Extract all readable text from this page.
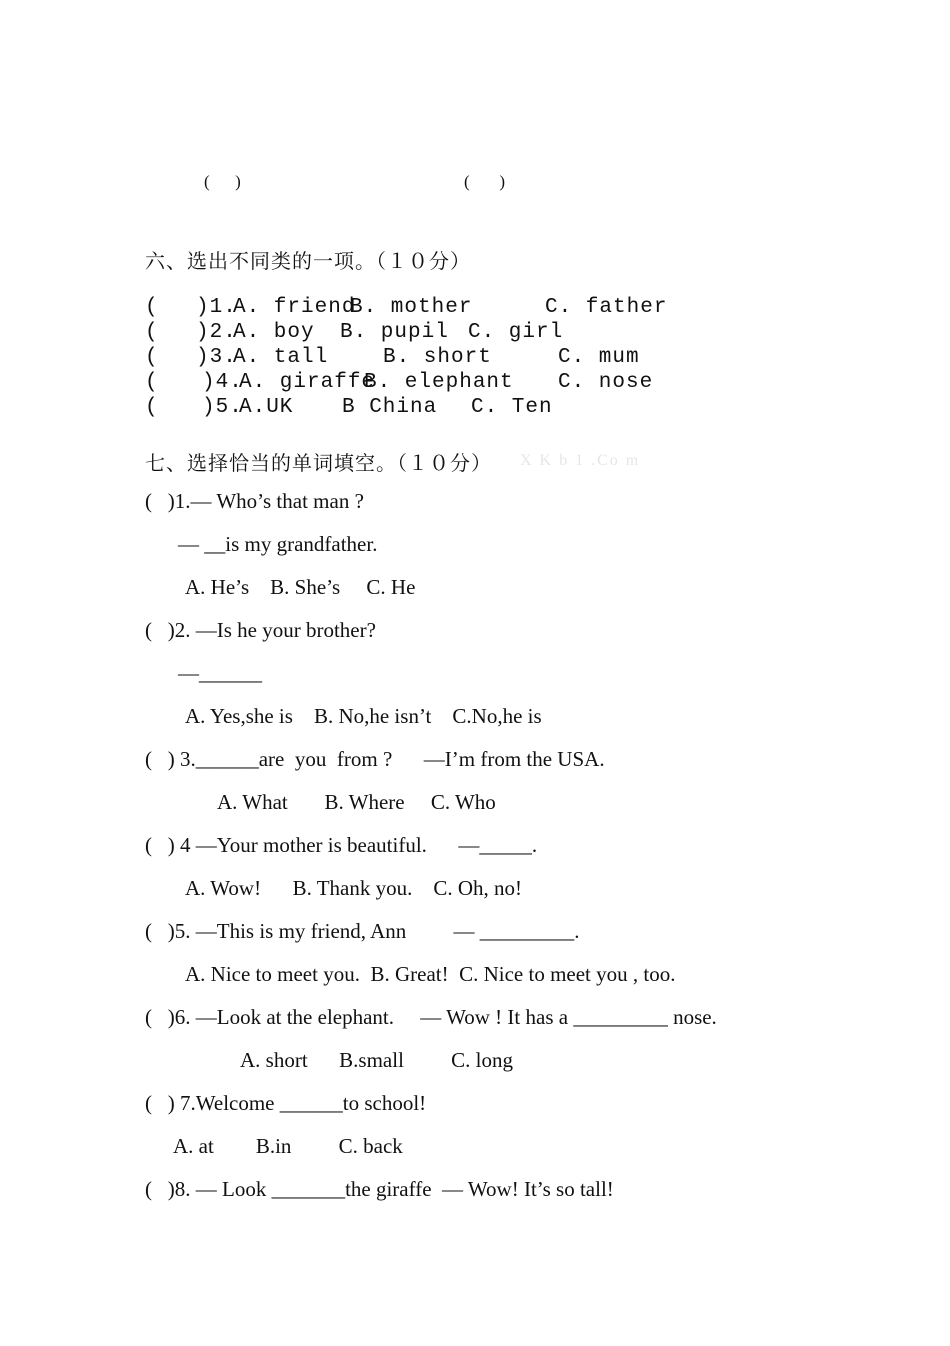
(      )	(       )
六、选出不同类的一项。（１０分）
( )1.
A. friend
B. mother	C. father
( )2.
A. boy B. pupil C. girl
( )3.
A. tall	B. short	C. mum
( )4.
A. giraffe
B. elephant C. nose
( )5.
A.UK B China C. Ten
七、选择恰当的单词填空。（１０分） X K b 1 .Co m
(   )1.— Who’s that man ?
— __is my grandfather.
A. He’s    B. She’s     C. He
(   )2. —Is he your brother?
—______
A. Yes,she is    B. No,he isn’t    C.No,he is
(   ) 3.______are  you  from ?      —I’m from the USA.
A. What       B. Where     C. Who
(   ) 4 —Your mother is beautiful.      —_____.
A. Wow!      B. Thank you.    C. Oh, no!
(   )5. —This is my friend, Ann         — _________.
A. Nice to meet you.  B. Great!  C. Nice to meet you , too.
(   )6. —Look at the elephant.     — Wow ! It has a _________ nose.
A. short      B.small         C. long
(   ) 7.Welcome ______to school!
A. at        B.in         C. back
(   )8. — Look _______the giraffe  — Wow! It’s so tall!
